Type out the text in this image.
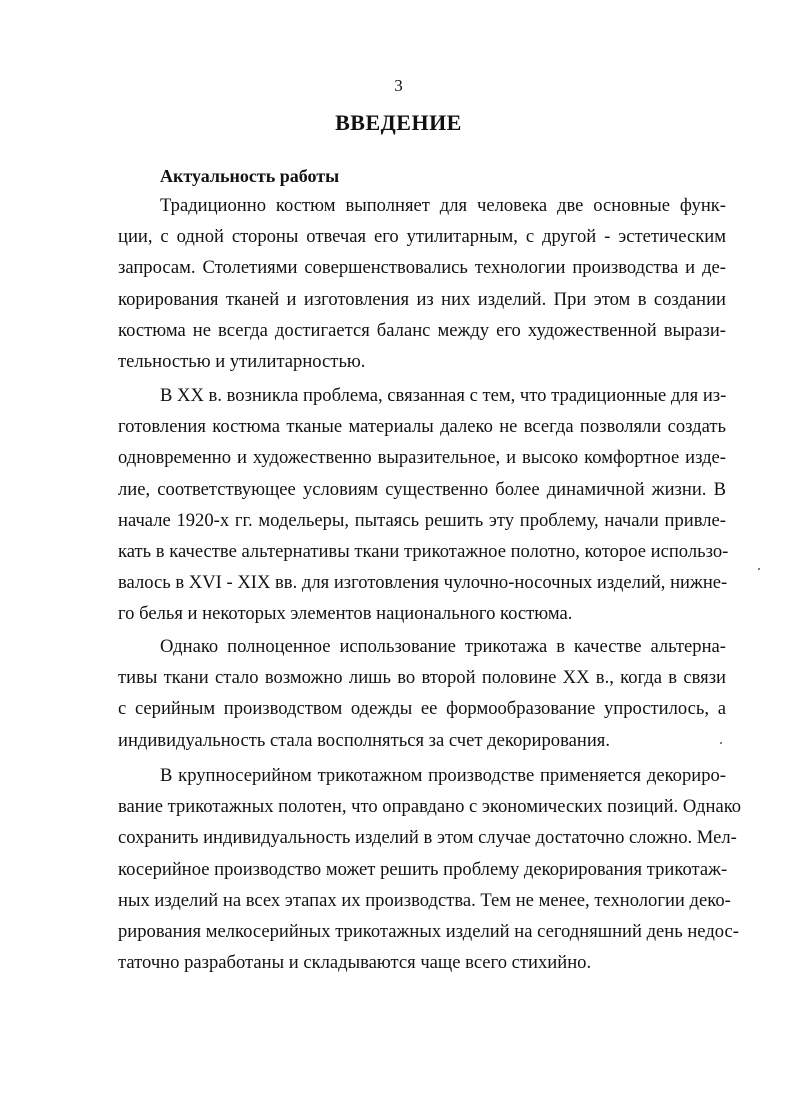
3
ВВЕДЕНИЕ
Актуальность работы
Традиционно костюм выполняет для человека две основные функ-
ции, с одной стороны отвечая его утилитарным, с другой - эстетическим
запросам. Столетиями совершенствовались технологии производства и де-
корирования тканей и изготовления из них изделий. При этом в создании
костюма не всегда достигается баланс между его художественной вырази-
тельностью и утилитарностью.
В XX в. возникла проблема, связанная с тем, что традиционные для из-
готовления костюма тканые материалы далеко не всегда позволяли создать
одновременно и художественно выразительное, и высоко комфортное изде-
лие, соответствующее условиям существенно более динамичной жизни. В
начале 1920-х гг. модельеры, пытаясь решить эту проблему, начали привле-
кать в качестве альтернативы ткани трикотажное полотно, которое использо-
валось в XVI - XIX вв. для изготовления чулочно-носочных изделий, нижне-
го белья и некоторых элементов национального костюма.
Однако полноценное использование трикотажа в качестве альтерна-
тивы ткани стало возможно лишь во второй половине XX в., когда в связи
с серийным производством одежды ее формообразование упростилось, а
индивидуальность стала восполняться за счет декорирования.
В крупносерийном трикотажном производстве применяется декориро-
вание трикотажных полотен, что оправдано с экономических позиций. Однако
сохранить индивидуальность изделий в этом случае достаточно сложно. Мел-
косерийное производство может решить проблему декорирования трикотаж-
ных изделий на всех этапах их производства. Тем не менее, технологии деко-
рирования мелкосерийных трикотажных изделий на сегодняшний день недос-
таточно разработаны и складываются чаще всего стихийно.
